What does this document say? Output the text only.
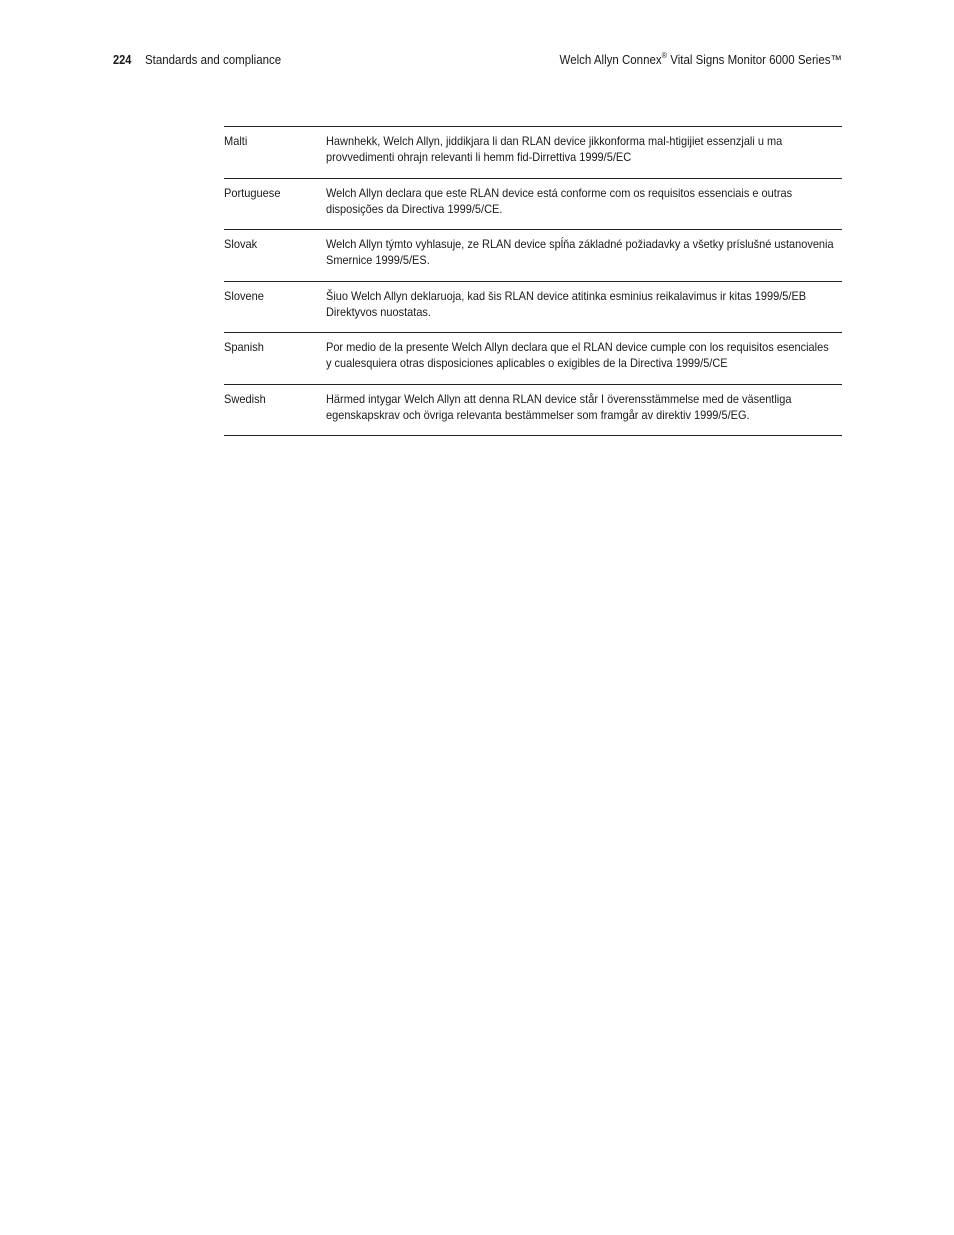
224 Standards and compliance	Welch Allyn Connex® Vital Signs Monitor 6000 Series™
Malti	Hawnhekk, Welch Allyn, jiddikjara li dan RLAN device jikkonforma mal-htigijiet essenzjali u ma provvedimenti ohrajn relevanti li hemm fid-Dirrettiva 1999/5/EC
Portuguese	Welch Allyn declara que este RLAN device está conforme com os requisitos essenciais e outras disposições da Directiva 1999/5/CE.
Slovak	Welch Allyn týmto vyhlasuje, ze RLAN device spĺňa základné požiadavky a všetky príslušné ustanovenia Smernice 1999/5/ES.
Slovene	Šiuo Welch Allyn deklaruoja, kad šis RLAN device atitinka esminius reikalavimus ir kitas 1999/5/EB Direktyvos nuostatas.
Spanish	Por medio de la presente Welch Allyn declara que el RLAN device cumple con los requisitos esenciales y cualesquiera otras disposiciones aplicables o exigibles de la Directiva 1999/5/CE
Swedish	Härmed intygar Welch Allyn att denna RLAN device står I överensstämmelse med de väsentliga egenskapskrav och övriga relevanta bestämmelser som framgår av direktiv 1999/5/EG.
